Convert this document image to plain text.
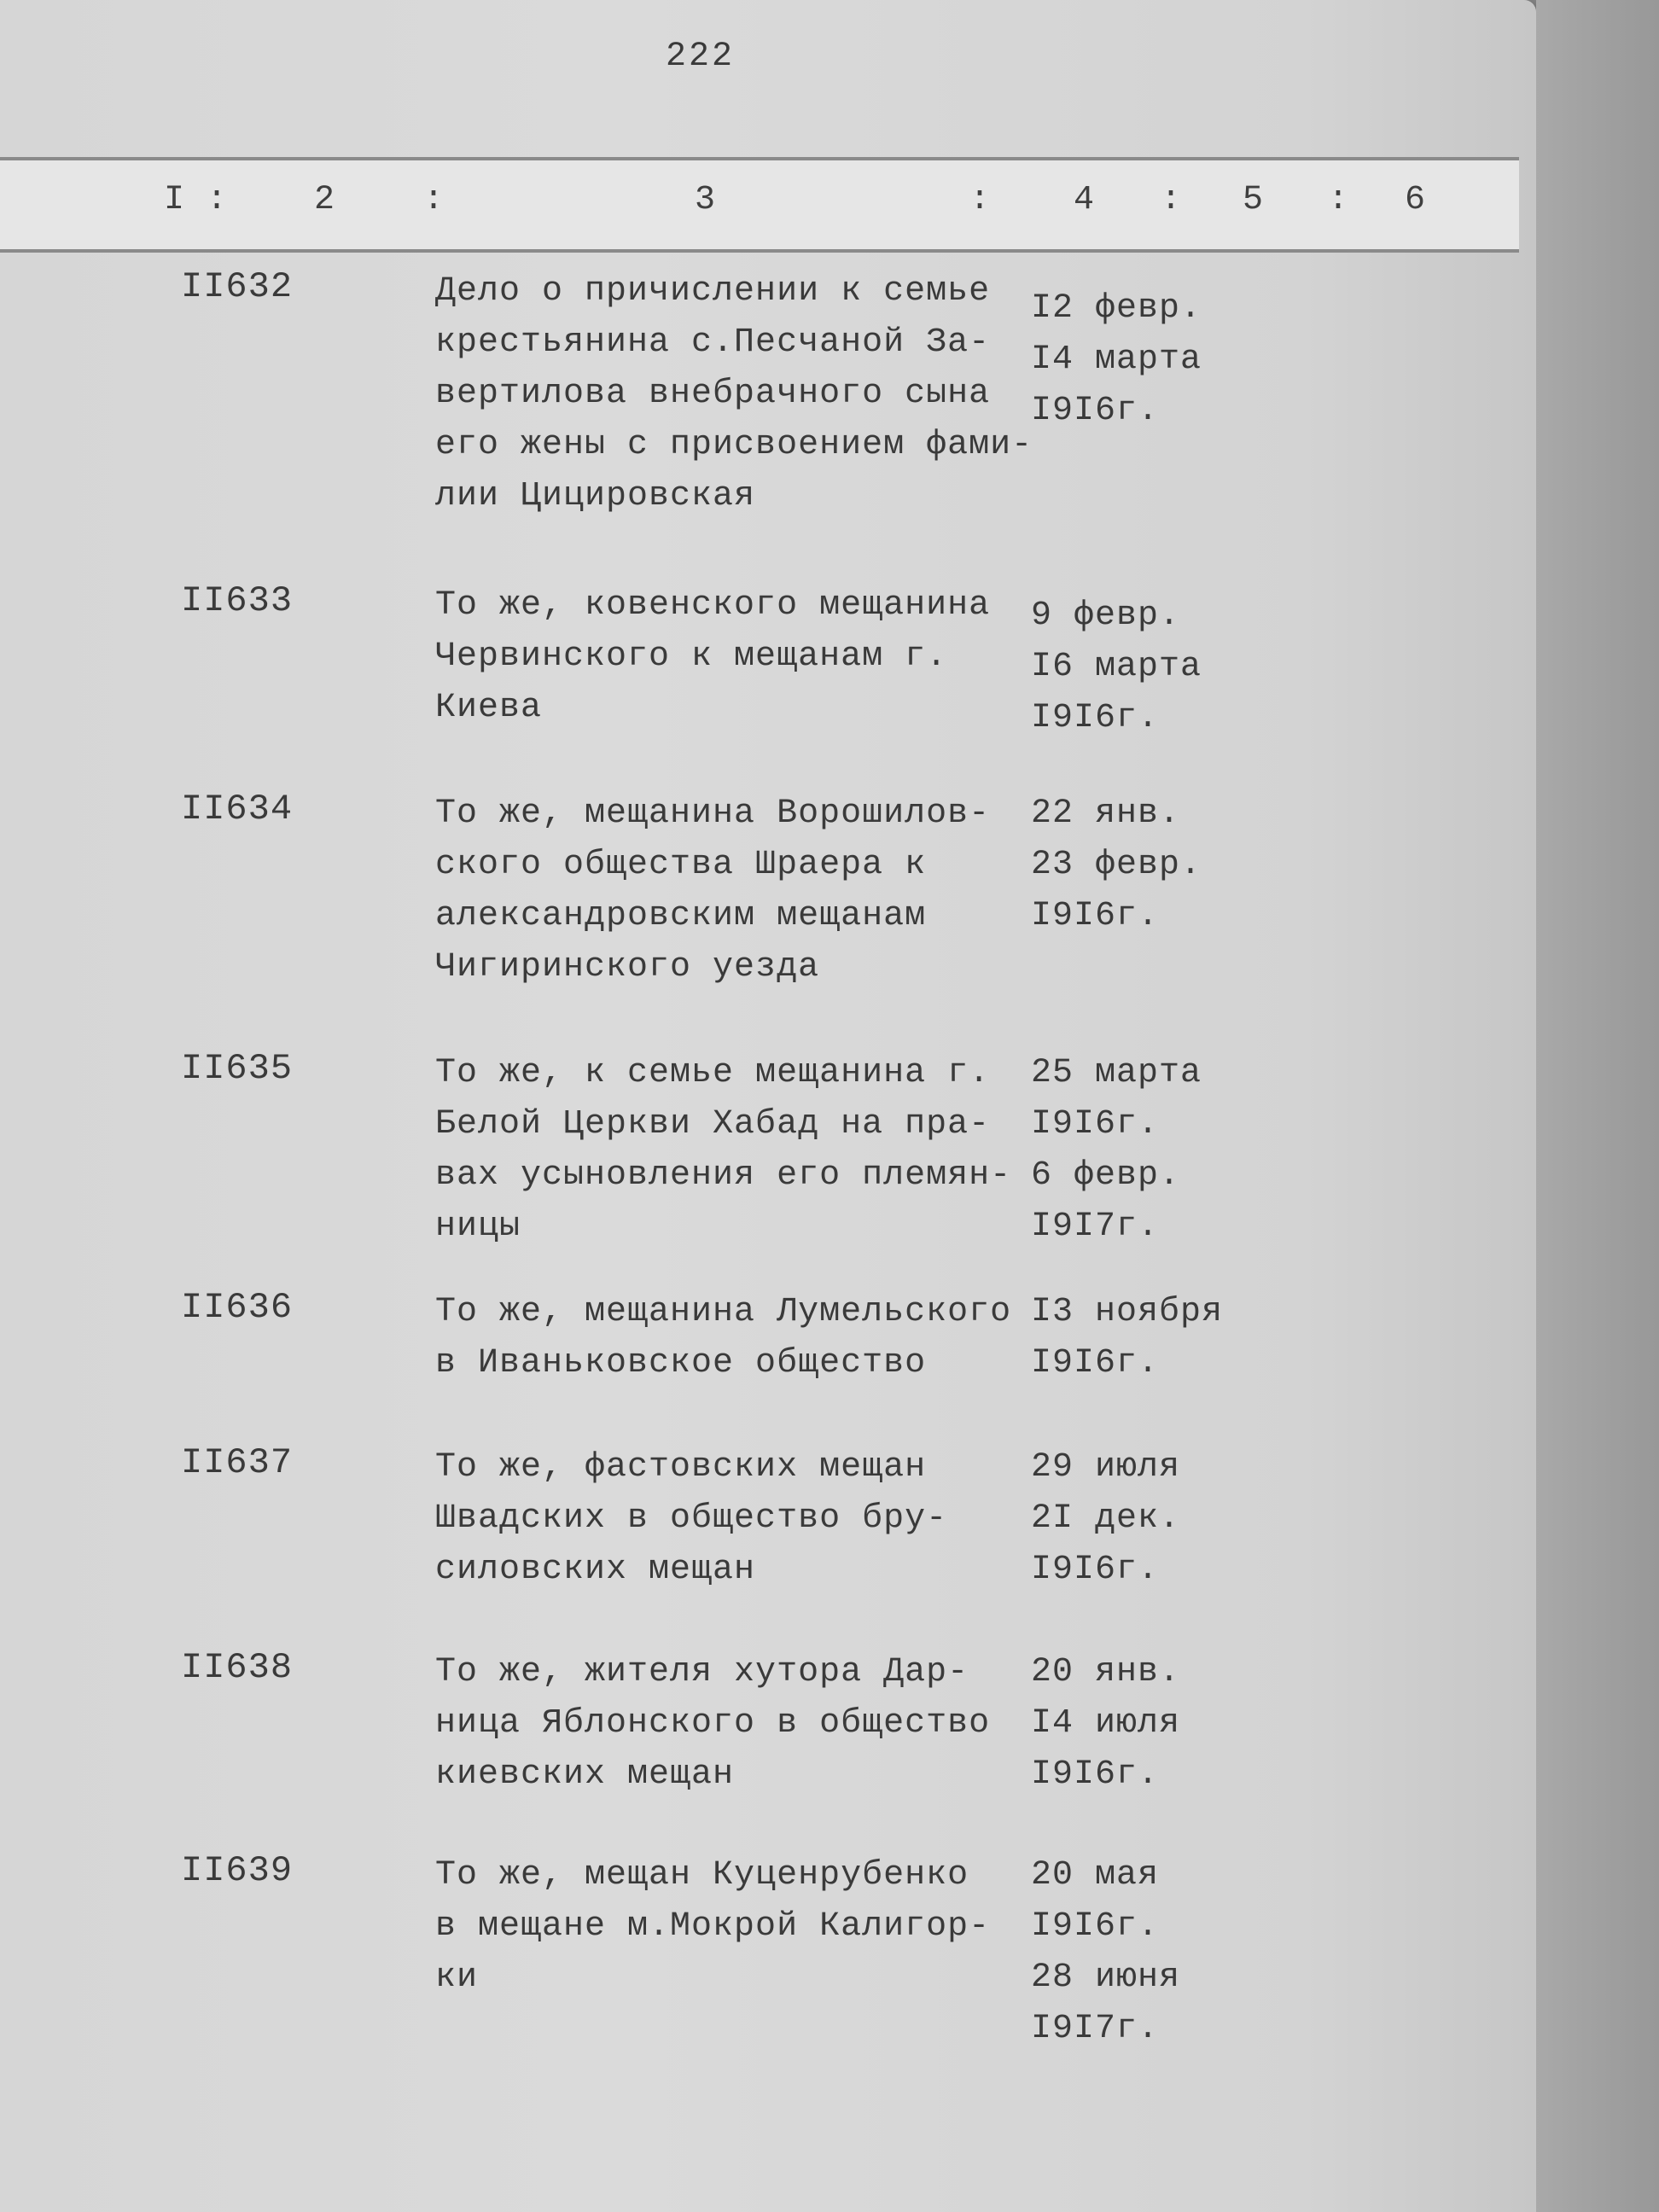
222
I :	2	:	3	: 4 : 5 : 6
II632	Дело о причислении к семье
крестьянина с.Песчаной За-
вертилова внебрачного сына
его жены с присвоением фами-
лии Цицировская
I2 февр.
I4 марта
I9I6г.
II633	То же, ковенского мещанина
Червинского к мещанам г.
Киева
9 февр.
I6 марта
I9I6г.
II634	То же, мещанина Ворошилов-
ского общества Шраера к
александровским мещанам
Чигиринского уезда
22 янв.
23 февр.
I9I6г.
II635	То же, к семье мещанина г.
Белой Церкви Хабад на пра-
вах усыновления его племян-
ницы
25 марта
I9I6г.
6 февр.
I9I7г.
II636	То же, мещанина Лумельского
в Иваньковское общество
I3 ноября
I9I6г.
II637	То же, фастовских мещан
Швадских в общество бру-
силовских мещан
29 июля
2I дек.
I9I6г.
II638	То же, жителя хутора Дар-
ница Яблонского в общество
киевских мещан
20 янв.
I4 июля
I9I6г.
II639	То же, мещан Куценрубенко
в мещане м.Мокрой Калигор-
ки
20 мая
I9I6г.
28 июня
I9I7г.
